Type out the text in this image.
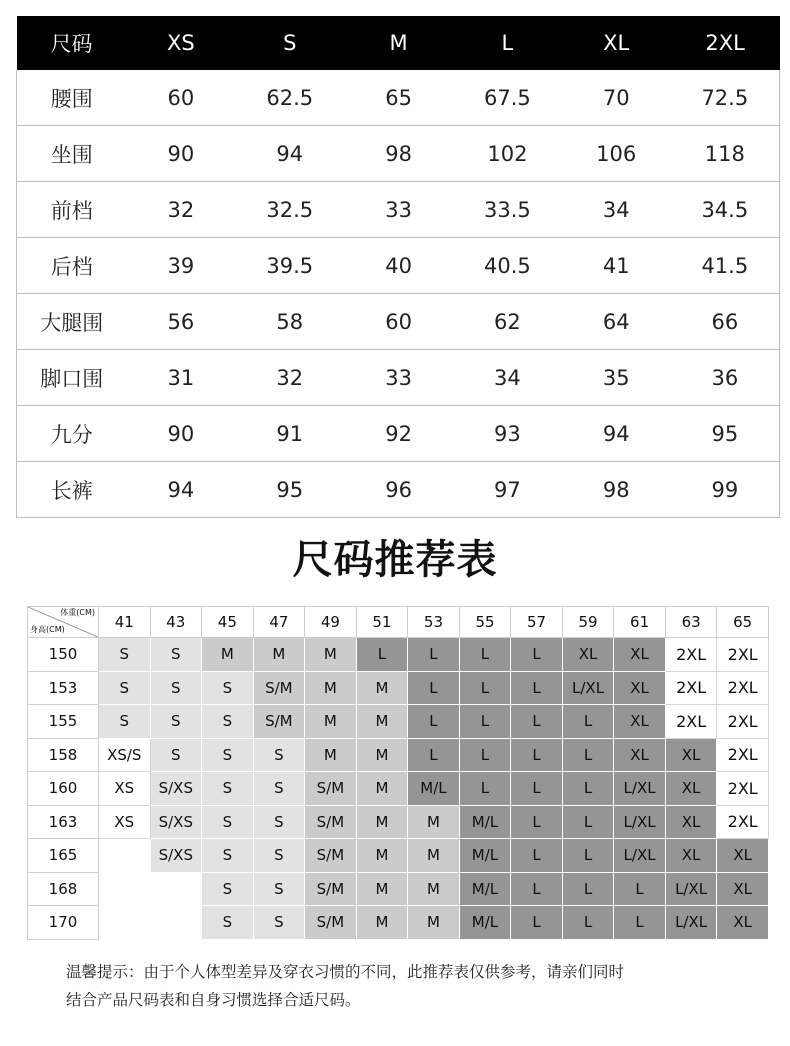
尺码	XS	S	M	L	XL	2XL
腰围	60	62.5	65	67.5	70	72.5
坐围	90	94	98	102	106	118
前档	32	32.5	33	33.5	34	34.5
后档	39	39.5	40	40.5	41	41.5
大腿围	56	58	60	62	64	66
脚口围	31	32	33	34	35	36
九分	90	91	92	93	94	95
长裤	94	95	96	97	98	99
尺码推荐表
体重(CM)
身高(CM)	41	43	45	47	49	51	53	55	57	59	61	63	65
150	S	S	M	M	M	L	L	L	L	XL	XL	2XL	2XL
153	S	S	S	S/M	M	M	L	L	L	L/XL	XL	2XL	2XL
155	S	S	S	S/M	M	M	L	L	L	L	XL	2XL	2XL
158	XS/S	S	S	S	M	M	L	L	L	L	XL	XL	2XL
160	XS	S/XS	S	S	S/M	M	M/L	L	L	L	L/XL	XL	2XL
163	XS	S/XS	S	S	S/M	M	M	M/L	L	L	L/XL	XL	2XL
165		S/XS	S	S	S/M	M	M	M/L	L	L	L/XL	XL	XL
168			S	S	S/M	M	M	M/L	L	L	L	L/XL	XL
170			S	S	S/M	M	M	M/L	L	L	L	L/XL	XL
温馨提示：由于个人体型差异及穿衣习惯的不同，此推荐表仅供参考，请亲们同时
结合产品尺码表和自身习惯选择合适尺码。
